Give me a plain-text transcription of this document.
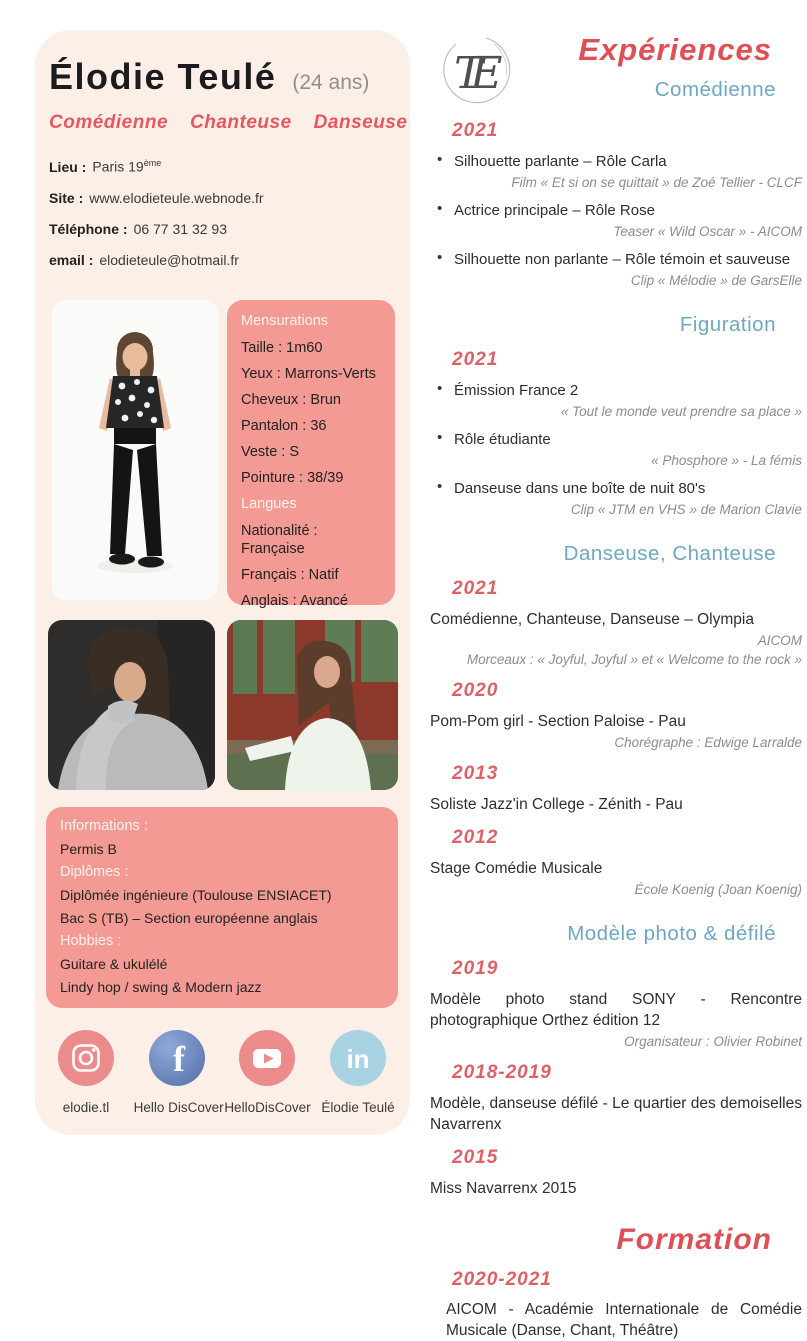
Élodie Teulé (24 ans)
Comédienne Chanteuse Danseuse
Lieu : Paris 19ème
Site : www.elodieteule.webnode.fr
Téléphone : 06 77 31 32 93
email : elodieteule@hotmail.fr
Mensurations
Taille : 1m60
Yeux : Marrons-Verts
Cheveux : Brun
Pantalon : 36
Veste : S
Pointure : 38/39
Langues
Nationalité : Française
Français : Natif
Anglais : Avancé
Informations :
Permis B
Diplômes :
Diplômée ingénieure (Toulouse ENSIACET)
Bac S (TB) – Section européenne anglais
Hobbies :
Guitare & ukulélé
Lindy hop / swing & Modern jazz
elodie.tl
f
Hello DisCover HelloDisCover
in
Élodie Teulé
TE	Expériences
Comédienne
2021
• Silhouette parlante – Rôle Carla
Film « Et si on se quittait » de Zoé Tellier - CLCF
• Actrice principale – Rôle Rose
Teaser « Wild Oscar » - AICOM
• Silhouette non parlante – Rôle témoin et sauveuse
Clip « Mélodie » de GarsElle
Figuration
2021
• Émission France 2
« Tout le monde veut prendre sa place »
• Rôle étudiante
« Phosphore » - La fémis
• Danseuse dans une boîte de nuit 80's
Clip « JTM en VHS » de Marion Clavie
Danseuse, Chanteuse
2021
Comédienne, Chanteuse, Danseuse – Olympia
AICOM
Morceaux : « Joyful, Joyful » et « Welcome to the rock »
2020
Pom-Pom girl - Section Paloise - Pau
Chorégraphe : Edwige Larralde
2013
Soliste Jazz'in College - Zénith - Pau
2012
Stage Comédie Musicale
École Koenig (Joan Koenig)
Modèle photo & défilé
2019
Modèle photo stand SONY - Rencontre photographique Orthez édition 12
Organisateur : Olivier Robinet
2018-2019
Modèle, danseuse défilé - Le quartier des demoiselles Navarrenx
2015
Miss Navarrenx 2015
Formation
2020-2021
AICOM - Académie Internationale de Comédie Musicale (Danse, Chant, Théâtre)
